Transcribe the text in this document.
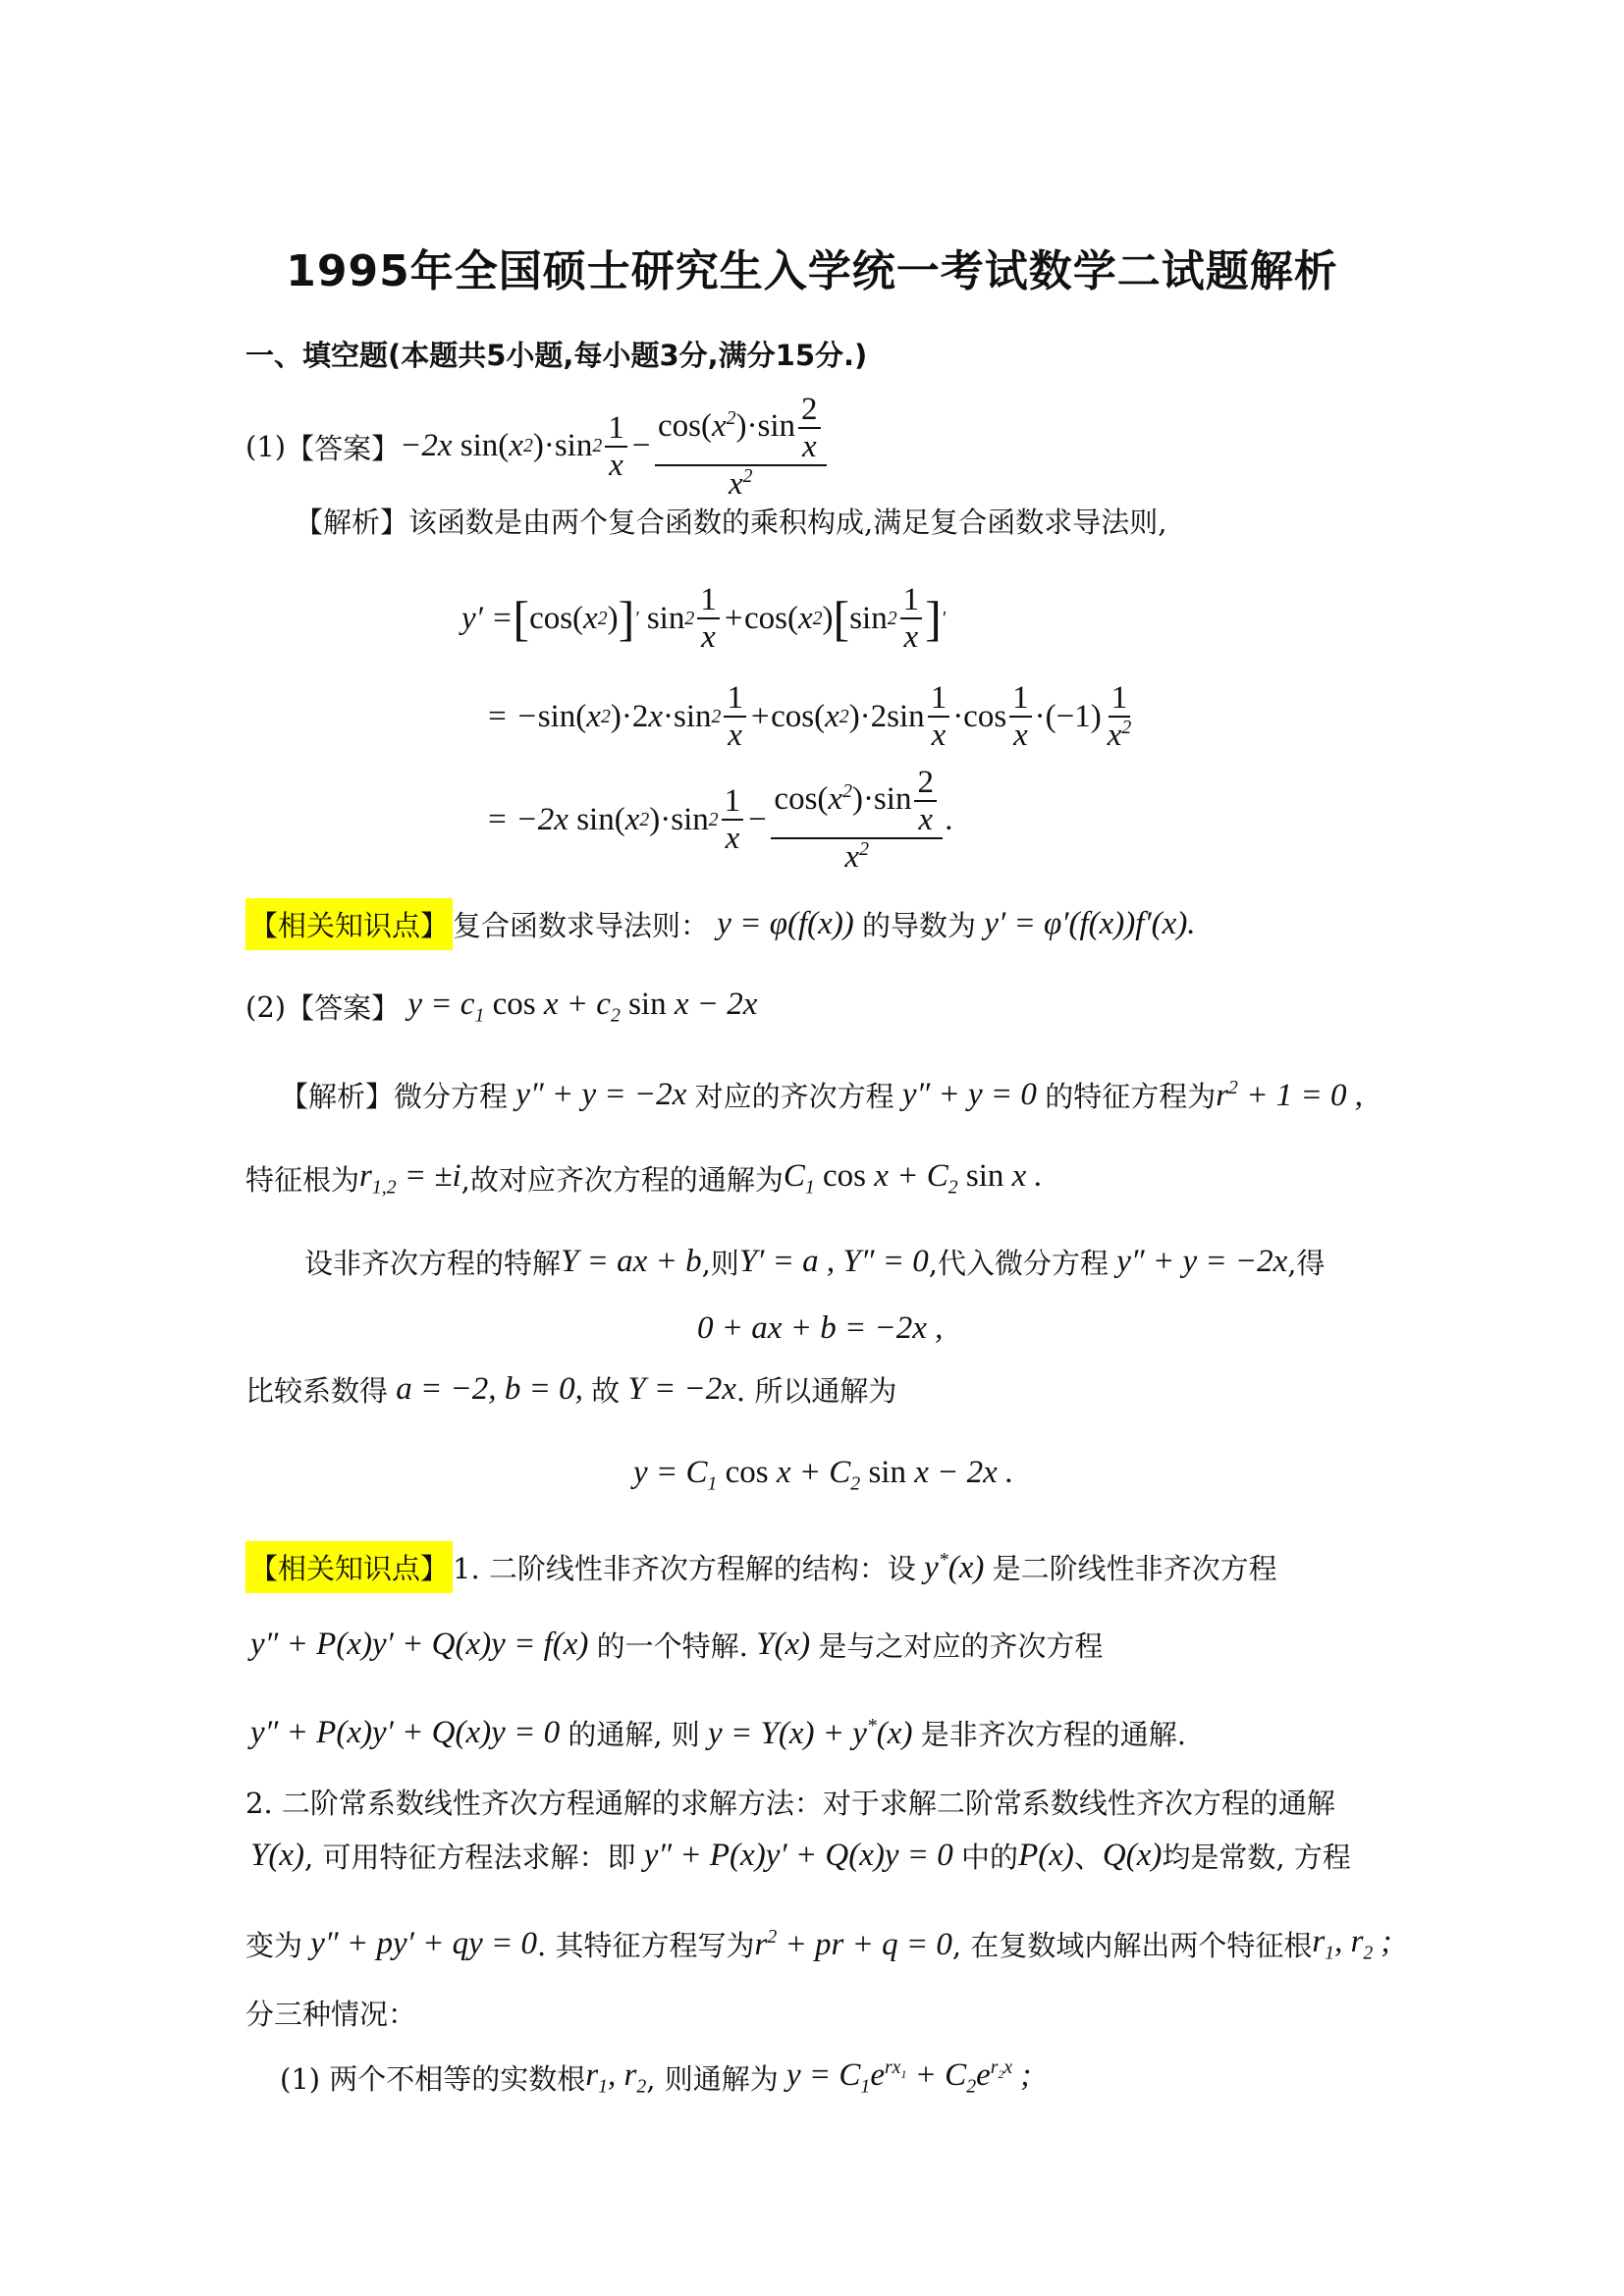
1995年全国硕士研究生入学统一考试数学二试题解析
一、填空题(本题共5小题,每小题3分,满分15分.)
(1) 【答案】 −2 x
sin( x 2 )·sin $2 \frac{1}{x} - \frac{\cos(x^2)\cdot\sin \frac{2}{x}}{x^2}$
【解析】该函数是由两个复合函数的乘积构成,满足复合函数求导法则,
y ′ = [ cos( x 2 ) ] ′
$\sin 2 \frac{1}{x} + \cos$( x 2 ) [ $\sin 2 \frac{1}{x}$ ] ′
= − sin( x 2 )·2 x ·sin $2 \frac{1}{x} + \cos$( x 2 )$\cdot 2\sin \frac{1}{x} \cdot\cos \frac{1}{x} \cdot(-1) \frac{1}{x^2}$
= −2 x
sin( x 2 )·sin $2 \frac{1}{x} - \frac{\cos(x^2)\cdot\sin \frac{2}{x}}{x^2}$ .
【相关知识点】 复合函数求导法则： y = φ(f(x)) 的导数为 y′ = φ′(f(x))f′(x).
(2) 【答案】 $y = c_1$ $\cos x + c_2$ sin x − 2x
【解析】 微分方程 y″ + y = −2x 对应的齐次方程 y″ + y = 0 的特征方程为 $r^2 + 1 = 0$ ,
特征根为 $r_{1,2} = \pm i$ ,故对应齐次方程的通解为 $C_1$ $\cos x + C_2$ sin x .
设非齐次方程的特解 Y = ax + b ,则 Y′ = a , Y″ = 0 ,代入微分方程 y″ + y = −2x ,得
0 + ax + b = −2x ,
比较系数得 a = −2, b = 0, 故 Y = −2x . 所以通解为
$y = C_1$ $\cos x + C_2$ sin x − 2x .
【相关知识点】 1. 二阶线性非齐次方程解的结构：设 y*(x) 是二阶线性非齐次方程
y″ + P(x)y′ + Q(x)y = f(x) 的一个特解. Y(x) 是与之对应的齐次方程
y″ + P(x)y′ + Q(x)y = 0 的通解, 则 y = Y(x) + y*(x) 是非齐次方程的通解.
2. 二阶常系数线性齐次方程通解的求解方法：对于求解二阶常系数线性齐次方程的通解
Y(x) , 可用特征方程法求解：即 y″ + P(x)y′ + Q(x)y = 0 中的 P(x) 、 Q(x) 均是常数, 方程
变为 y″ + py′ + qy = 0 . 其特征方程写为 $r^2$ + pr + q = 0 , 在复数域内解出两个特征根 $r_1$, $r_2$ ;
分三种情况：
(1) 两个不相等的实数根 $r_1$, $r_2$ , 则通解为 $y = C_1e^{rx_1} + C_2e^{r_2x}$ ;
